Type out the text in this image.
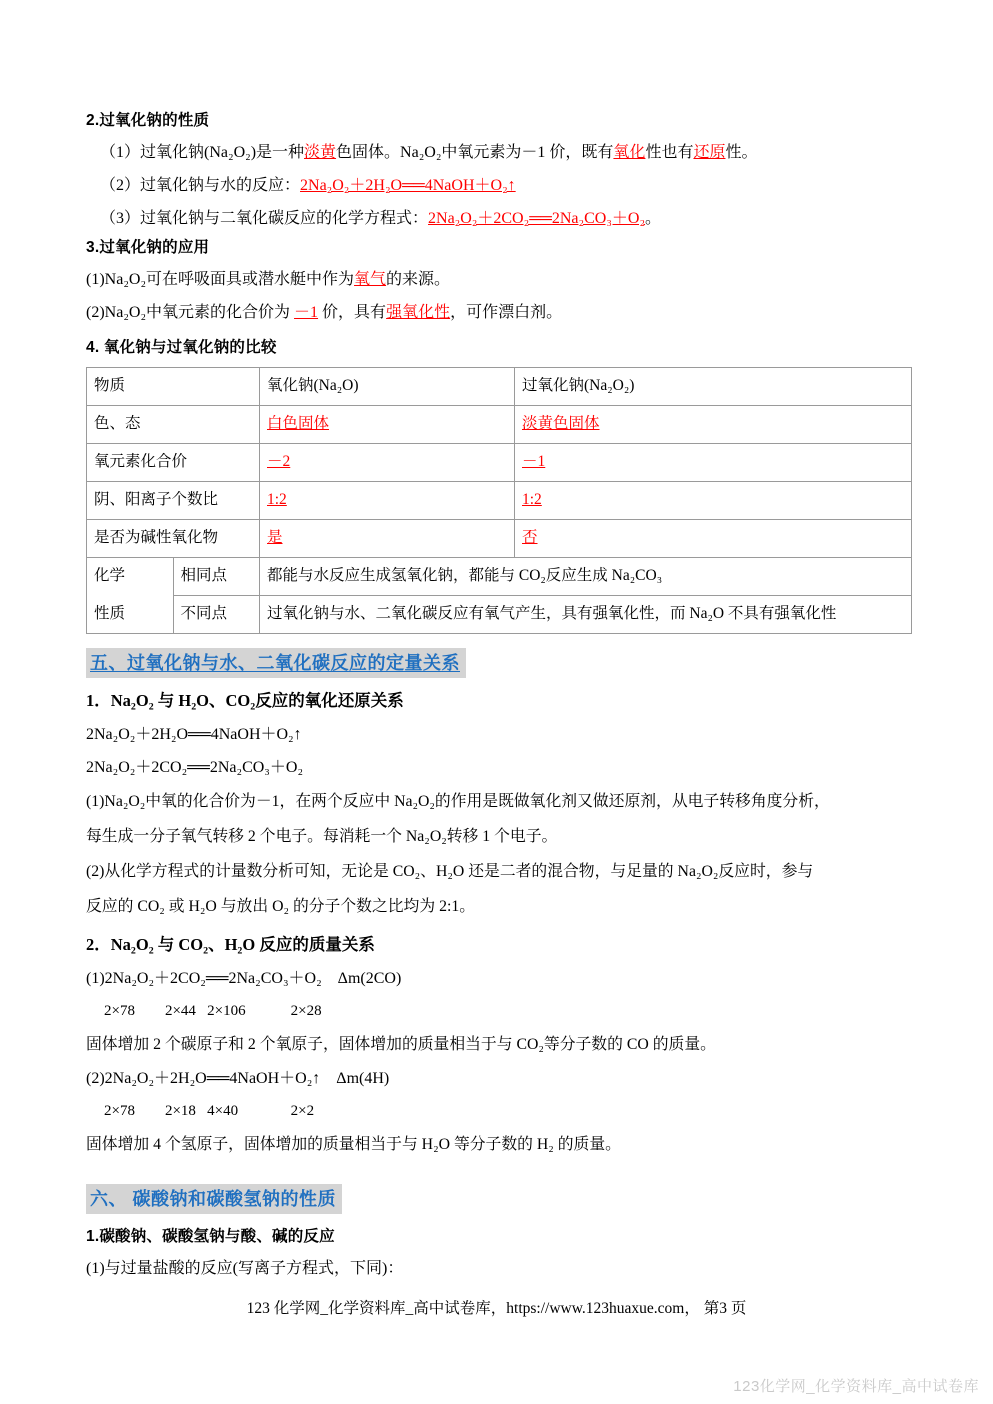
2.过氧化钠的性质

（1）过氧化钠(Na₂O₂)是一种淡黄色固体。Na₂O₂中氧元素为－1 价，既有氧化性也有还原性。

（2）过氧化钠与水的反应：2Na₂O₂＋2H₂O══4NaOH＋O₂↑

（3）过氧化钠与二氧化碳反应的化学方程式：2Na₂O₂＋2CO₂══2Na₂CO₃＋O₂。

3.过氧化钠的应用

(1)Na₂O₂可在呼吸面具或潜水艇中作为氧气的来源。

(2)Na₂O₂中氧元素的化合价为 －1 价，具有强氧化性，可作漂白剂。

4. 氧化钠与过氧化钠的比较
物质		氧化钠(Na₂O)	过氧化钠(Na₂O₂)
色、态		白色固体	淡黄色固体
氧元素化合价		－2	－1
阴、阳离子个数比		1:2	1:2
是否为碱性氧化物		是	否
化学	相同点	都能与水反应生成氢氧化钠，都能与 CO₂反应生成 Na₂CO₃	
性质	不同点	过氧化钠与水、二氧化碳反应有氧气产生，具有强氧化性，而 Na₂O 不具有强氧化性	
五、过氧化钠与水、二氧化碳反应的定量关系
1．Na₂O₂ 与 H₂O、CO₂反应的氧化还原关系

2Na₂O₂＋2H₂O══4NaOH＋O₂↑

2Na₂O₂＋2CO₂══2Na₂CO₃＋O₂

(1)Na₂O₂中氧的化合价为－1，在两个反应中 Na₂O₂的作用是既做氧化剂又做还原剂，从电子转移角度分析，

每生成一分子氧气转移 2 个电子。每消耗一个 Na₂O₂转移 1 个电子。

(2)从化学方程式的计量数分析可知，无论是 CO₂、H₂O 还是二者的混合物，与足量的 Na₂O₂反应时，参与

反应的 CO₂ 或 H₂O 与放出 O₂ 的分子个数之比均为 2:1。

2．Na₂O₂ 与 CO₂、H₂O 反应的质量关系

(1)2Na₂O₂＋2CO₂══2Na₂CO₃＋O₂　Δm(2CO)

2×78        2×44   2×106            2×28

固体增加 2 个碳原子和 2 个氧原子，固体增加的质量相当于与 CO₂等分子数的 CO 的质量。

(2)2Na₂O₂＋2H₂O══4NaOH＋O₂↑　Δm(4H)

2×78        2×18   4×40              2×2

固体增加 4 个氢原子，固体增加的质量相当于与 H₂O 等分子数的 H₂ 的质量。

六、 碳酸钠和碳酸氢钠的性质
1.碳酸钠、碳酸氢钠与酸、碱的反应

(1)与过量盐酸的反应(写离子方程式，下同)：

123 化学网_化学资料库_高中试卷库，https://www.123huaxue.com， 第3 页
123化学网_化学资料库_高中试卷库
